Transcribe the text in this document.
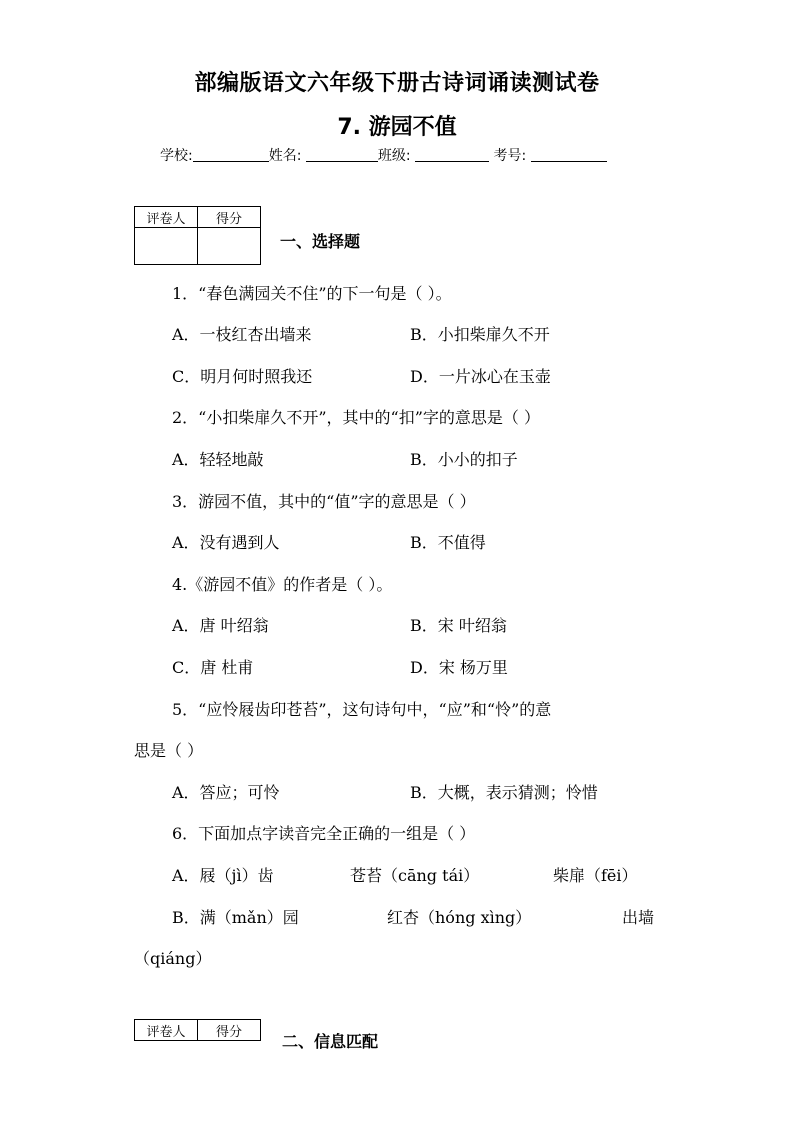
部编版语文六年级下册古诗词诵读测试卷
7. 游园不值
学校:	姓名:	班级:	考号:
评卷人	得分

一、选择题
1．“春色满园关不住”的下一句是（ ）。
A．一枝红杏出墙来	B．小扣柴扉久不开
C．明月何时照我还	D．一片冰心在玉壶
2．“小扣柴扉久不开”，其中的“扣”字的意思是（ ）
A．轻轻地敲	B．小小的扣子
3．游园不值，其中的“值”字的意思是（ ）
A．没有遇到人	B．不值得
4.《游园不值》的作者是（ ）。
A．唐 叶绍翁	B．宋 叶绍翁
C．唐 杜甫	D．宋 杨万里
5．“应怜屐齿印苍苔”，这句诗句中，“应”和“怜”的意
思是（ ）
A．答应；可怜	B．大概，表示猜测；怜惜
6．下面加点字读音完全正确的一组是（ ）
A．屐（jì）齿	苍苔（cāng tái）	柴扉（fēi）
B．满（mǎn）园	红杏（hóng xìng）	出墙
（qiáng）
评卷人	得分	二、信息匹配
